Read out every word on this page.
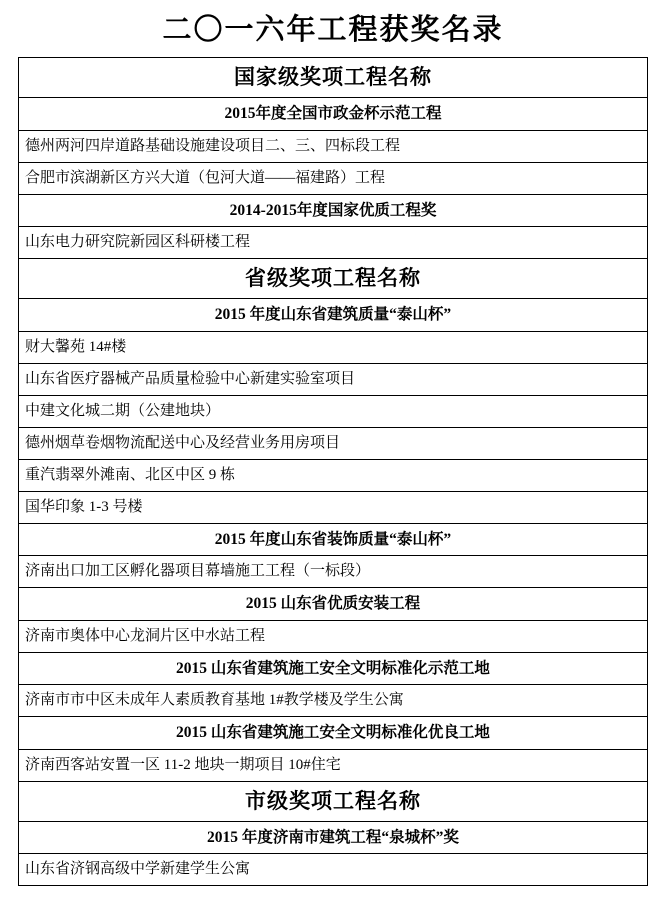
二〇一六年工程获奖名录
国家级奖项工程名称

2015年度全国市政金杯示范工程

德州两河四岸道路基础设施建设项目二、三、四标段工程

合肥市滨湖新区方兴大道（包河大道——福建路）工程

2014-2015年度国家优质工程奖

山东电力研究院新园区科研楼工程

省级奖项工程名称

2015 年度山东省建筑质量“泰山杯”

财大馨苑 14#楼

山东省医疗器械产品质量检验中心新建实验室项目

中建文化城二期（公建地块）

德州烟草卷烟物流配送中心及经营业务用房项目

重汽翡翠外滩南、北区中区 9 栋

国华印象 1-3 号楼

2015 年度山东省装饰质量“泰山杯”

济南出口加工区孵化器项目幕墙施工工程（一标段）

2015 山东省优质安装工程

济南市奥体中心龙洞片区中水站工程

2015 山东省建筑施工安全文明标准化示范工地

济南市市中区未成年人素质教育基地 1#教学楼及学生公寓

2015 山东省建筑施工安全文明标准化优良工地

济南西客站安置一区 11-2 地块一期项目 10#住宅

市级奖项工程名称

2015 年度济南市建筑工程“泉城杯”奖

山东省济钢高级中学新建学生公寓
